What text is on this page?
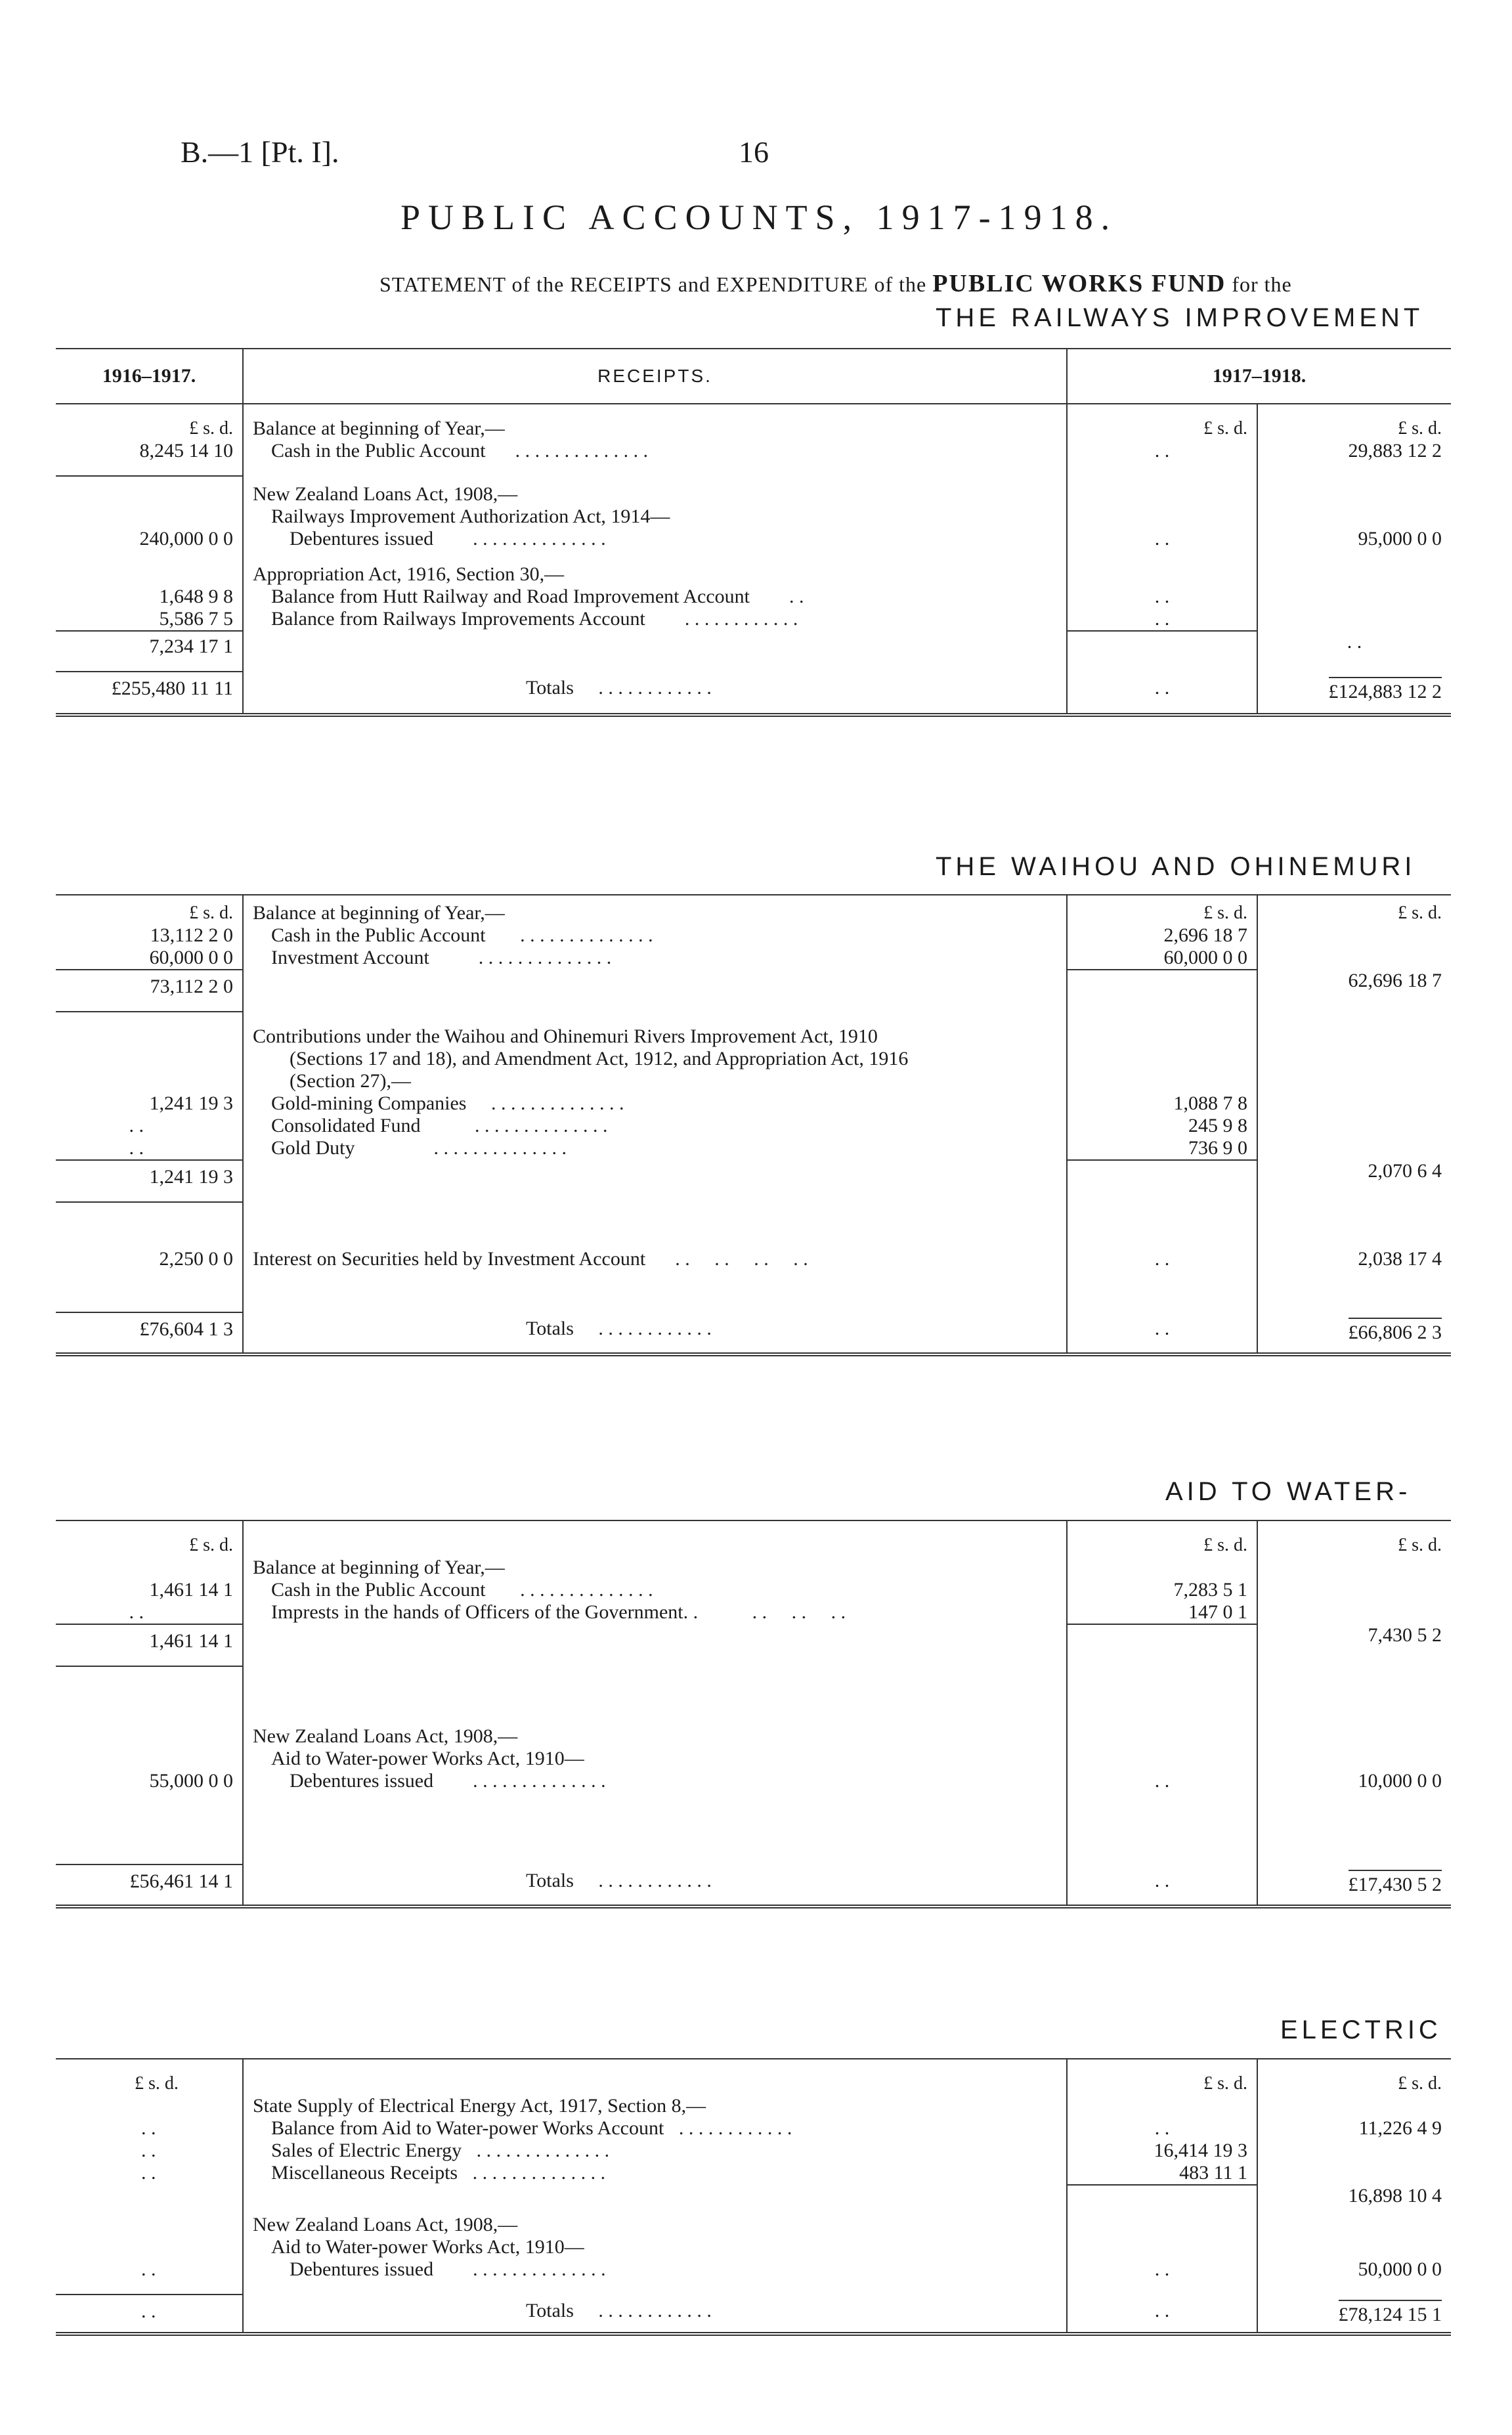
B.—1 [Pt. I].	16
PUBLIC ACCOUNTS, 1917-1918.
STATEMENT of the RECEIPTS and EXPENDITURE of the PUBLIC WORKS FUND for the
THE RAILWAYS IMPROVEMENT
1916–1917.	RECEIPTS.	1917–1918.	

£ s. d.	Balance at beginning of Year,—	£ s. d.	£ s. d.
8,245 14 10	Cash in the Public Account . . . . . . . . . . . . . .	. .	29,883 12 2

	New Zealand Loans Act, 1908,—		
	Railways Improvement Authorization Act, 1914—		
240,000 0 0	Debentures issued . . . . . . . . . . . . . .	. .	95,000 0 0

	Appropriation Act, 1916, Section 30,—		
1,648 9 8	Balance from Hutt Railway and Road Improvement Account . .	. .	
5,586 7 5	Balance from Railways Improvements Account . . . . . . . . . . . .	. .	
7,234 17 1			. .

£255,480 11 11	Totals . . . . . . . . . . . .	. .	£124,883 12 2
THE WAIHOU AND OHINEMURI

£ s. d.	Balance at beginning of Year,—	£ s. d.	£ s. d.
13,112 2 0	Cash in the Public Account . . . . . . . . . . . . . .	2,696 18 7	
60,000 0 0	Investment Account . . . . . . . . . . . . . .	60,000 0 0	
73,112 2 0			62,696 18 7

	Contributions under the Waihou and Ohinemuri Rivers Improvement Act, 1910		
	(Sections 17 and 18), and Amendment Act, 1912, and Appropriation Act, 1916		
	(Section 27),—		
1,241 19 3	Gold-mining Companies . . . . . . . . . . . . . .	1,088 7 8	
. .	Consolidated Fund . . . . . . . . . . . . . .	245 9 8	
. .	Gold Duty . . . . . . . . . . . . . .	736 9 0	
1,241 19 3			2,070 6 4

2,250 0 0	Interest on Securities held by Investment Account . . . . . . . .	. .	2,038 17 4

£76,604 1 3	Totals . . . . . . . . . . . .	. .	£66,806 2 3
AID TO WATER-

£ s. d.		£ s. d.	£ s. d.
	Balance at beginning of Year,—		
1,461 14 1	Cash in the Public Account . . . . . . . . . . . . . .	7,283 5 1	
. .	Imprests in the hands of Officers of the Government. . . . . . . .	147 0 1	
1,461 14 1			7,430 5 2

	New Zealand Loans Act, 1908,—		
	Aid to Water-power Works Act, 1910—		
55,000 0 0	Debentures issued . . . . . . . . . . . . . .	. .	10,000 0 0

£56,461 14 1	Totals . . . . . . . . . . . .	. .	£17,430 5 2
ELECTRIC

£ s. d.		£ s. d.	£ s. d.
	State Supply of Electrical Energy Act, 1917, Section 8,—		
. .	Balance from Aid to Water-power Works Account . . . . . . . . . . . .	. .	11,226 4 9
. .	Sales of Electric Energy . . . . . . . . . . . . . .	16,414 19 3	
. .	Miscellaneous Receipts . . . . . . . . . . . . . .	483 11 1	
			16,898 10 4

	New Zealand Loans Act, 1908,—		
	Aid to Water-power Works Act, 1910—		
. .	Debentures issued . . . . . . . . . . . . . .	. .	50,000 0 0

. .	Totals . . . . . . . . . . . .	. .	£78,124 15 1
